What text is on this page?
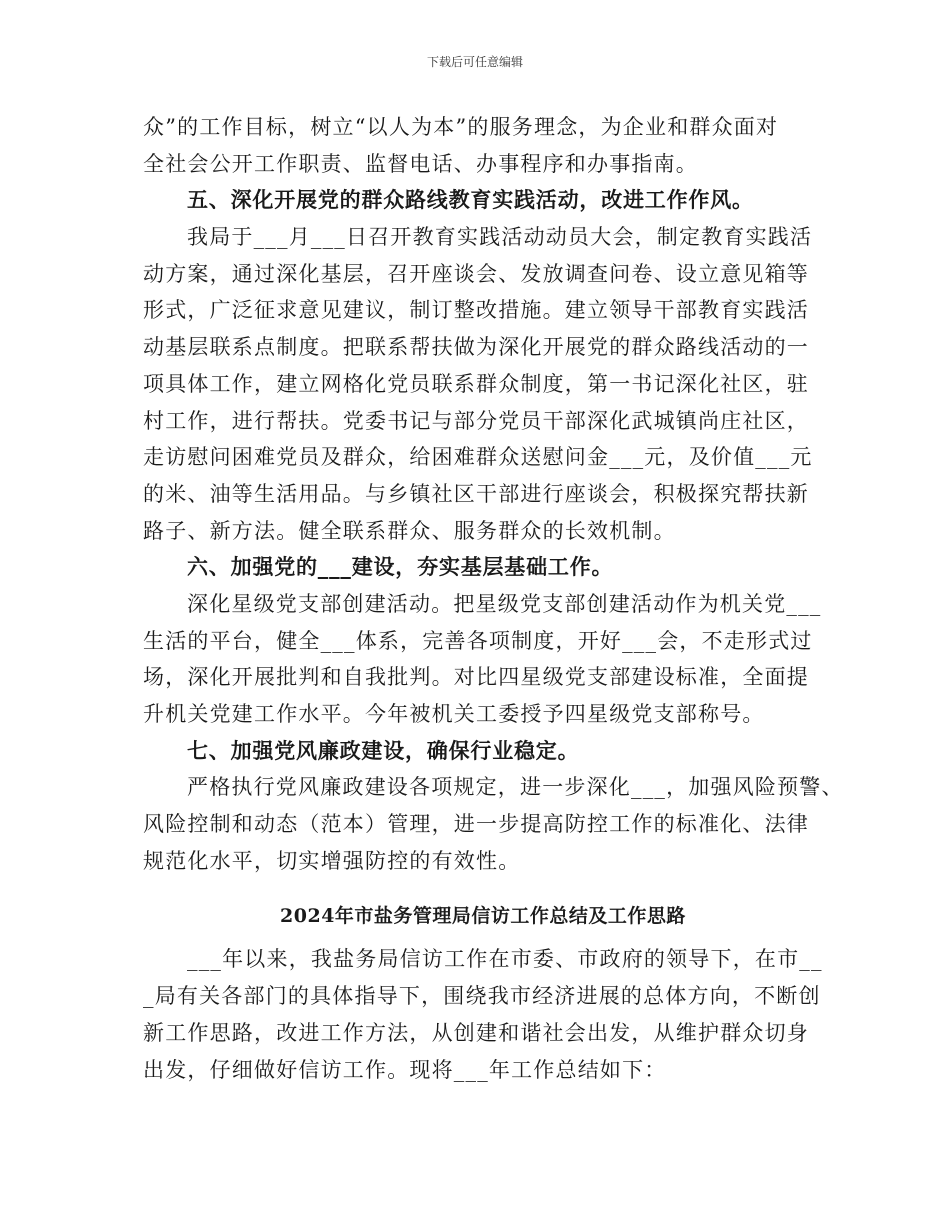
下载后可任意编辑
众”的工作目标，树立“以人为本”的服务理念，为企业和群众面对
全社会公开工作职责、监督电话、办事程序和办事指南。
五、深化开展党的群众路线教育实践活动，改进工作作风。
我局于___月___日召开教育实践活动动员大会，制定教育实践活
动方案，通过深化基层，召开座谈会、发放调查问卷、设立意见箱等
形式，广泛征求意见建议，制订整改措施。建立领导干部教育实践活
动基层联系点制度。把联系帮扶做为深化开展党的群众路线活动的一
项具体工作，建立网格化党员联系群众制度，第一书记深化社区，驻
村工作，进行帮扶。党委书记与部分党员干部深化武城镇尚庄社区，
走访慰问困难党员及群众，给困难群众送慰问金___元，及价值___元
的米、油等生活用品。与乡镇社区干部进行座谈会，积极探究帮扶新
路子、新方法。健全联系群众、服务群众的长效机制。
六、加强党的___建设，夯实基层基础工作。
深化星级党支部创建活动。把星级党支部创建活动作为机关党___
生活的平台，健全___体系，完善各项制度，开好___会，不走形式过
场，深化开展批判和自我批判。对比四星级党支部建设标准，全面提
升机关党建工作水平。今年被机关工委授予四星级党支部称号。
七、加强党风廉政建设，确保行业稳定。
严格执行党风廉政建设各项规定，进一步深化___，加强风险预警、
风险控制和动态（范本）管理，进一步提高防控工作的标准化、法律
规范化水平，切实增强防控的有效性。
2024年市盐务管理局信访工作总结及工作思路
___年以来，我盐务局信访工作在市委、市政府的领导下，在市__
_局有关各部门的具体指导下，围绕我市经济进展的总体方向，不断创
新工作思路，改进工作方法，从创建和谐社会出发，从维护群众切身
出发，仔细做好信访工作。现将___年工作总结如下：
